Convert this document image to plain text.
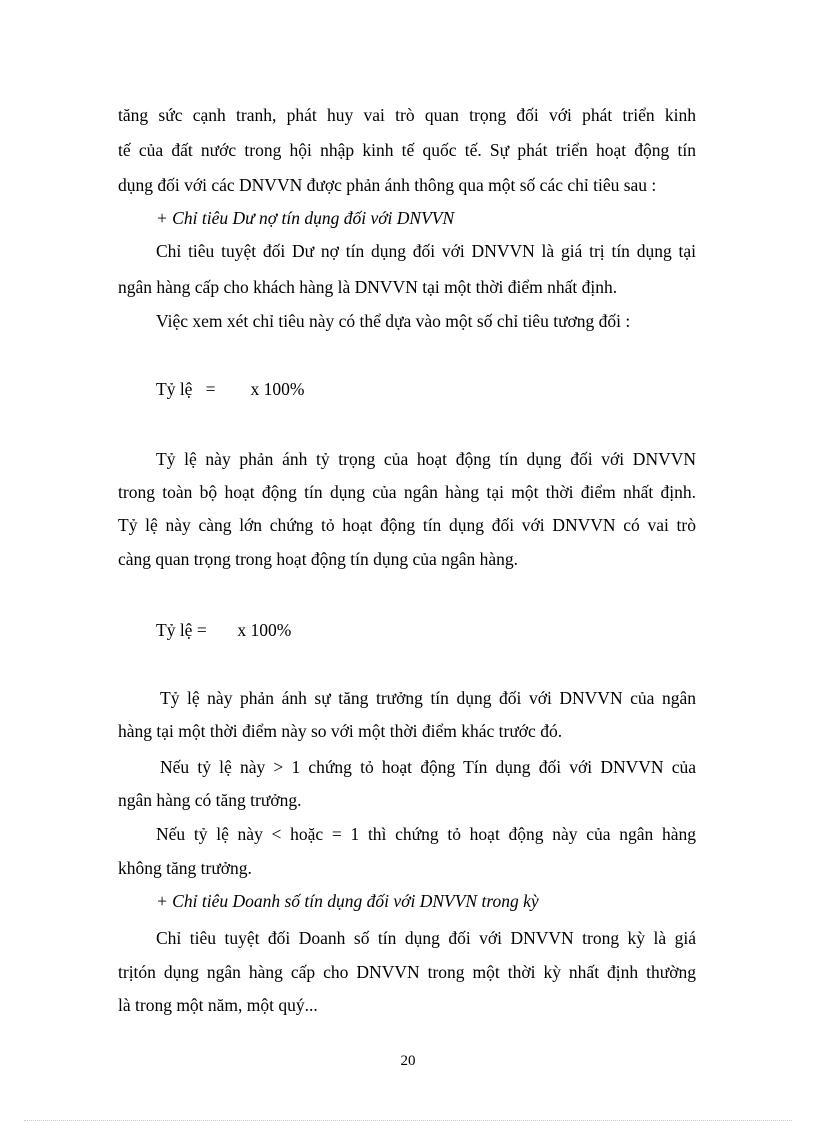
tăng sức cạnh tranh, phát huy vai trò quan trọng đối với phát triển kinh
tế của đất nước trong hội nhập kinh tế quốc tế. Sự phát triển hoạt động tín
dụng đối với các DNVVN được phản ánh thông qua một số các chỉ tiêu sau :
+ Chỉ tiêu Dư nợ tín dụng đối với DNVVN
Chỉ tiêu tuyệt đối Dư nợ tín dụng đối với DNVVN là giá trị tín dụng tại
ngân hàng cấp cho khách hàng là DNVVN tại một thời điểm nhất định.
Việc xem xét chỉ tiêu này có thể dựa vào một số chỉ tiêu tương đối :
Tỷ lệ   =        x 100%
Tỷ lệ này phản ánh tỷ trọng của hoạt động tín dụng đối với DNVVN
trong toàn bộ hoạt động tín dụng của ngân hàng tại một thời điểm nhất định.
Tỷ lệ này càng lớn chứng tỏ hoạt động tín dụng đối với DNVVN có vai trò
càng quan trọng trong hoạt động tín dụng của ngân hàng.
Tỷ lệ =       x 100%
Tỷ lệ này phản ánh sự tăng trưởng tín dụng đối với DNVVN của ngân
hàng tại một thời điểm này so với một thời điểm khác trước đó.
Nếu tỷ lệ này > 1 chứng tỏ hoạt động Tín dụng đối với DNVVN của
ngân hàng có tăng trưởng.
Nếu tỷ lệ này < hoặc = 1 thì chứng tỏ hoạt động này của ngân hàng
không tăng trưởng.
+ Chỉ tiêu Doanh số tín dụng đối với DNVVN trong kỳ
Chỉ tiêu tuyệt đối Doanh số tín dụng đối với DNVVN trong kỳ là giá
trịtón dụng ngân hàng cấp cho DNVVN trong một thời kỳ nhất định thường
là trong một năm, một quý...
20
